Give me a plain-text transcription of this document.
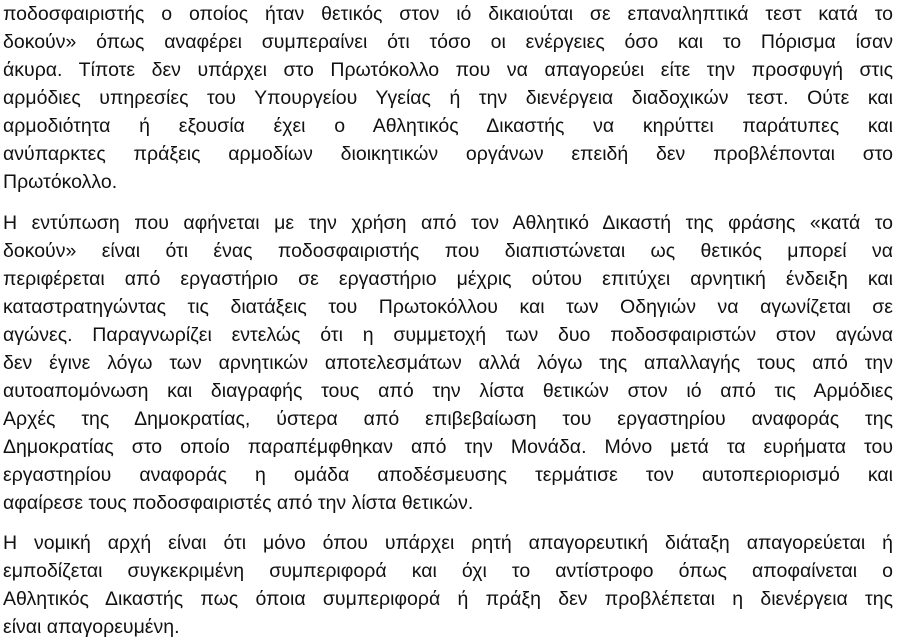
ποδοσφαιριστής ο οποίος ήταν θετικός στον ιό δικαιούται σε επαναληπτικά τεστ κατά το
δοκούν» όπως αναφέρει συμπεραίνει ότι τόσο οι ενέργειες όσο και το Πόρισμα ίσαν
άκυρα. Τίποτε δεν υπάρχει στο Πρωτόκολλο που να απαγορεύει είτε την προσφυγή στις
αρμόδιες υπηρεσίες του Υπουργείου Υγείας ή την διενέργεια διαδοχικών τεστ. Ούτε και
αρμοδιότητα ή εξουσία έχει ο Αθλητικός Δικαστής να κηρύττει παράτυπες και
ανύπαρκτες πράξεις αρμοδίων διοικητικών οργάνων επειδή δεν προβλέπονται στο
Πρωτόκολλο.
Η εντύπωση που αφήνεται με την χρήση από τον Αθλητικό Δικαστή της φράσης «κατά το
δοκούν» είναι ότι ένας ποδοσφαιριστής που διαπιστώνεται ως θετικός μπορεί να
περιφέρεται από εργαστήριο σε εργαστήριο μέχρις ούτου επιτύχει αρνητική ένδειξη και
καταστρατηγώντας τις διατάξεις του Πρωτοκόλλου και των Οδηγιών να αγωνίζεται σε
αγώνες. Παραγνωρίζει εντελώς ότι η συμμετοχή των δυο ποδοσφαιριστών στον αγώνα
δεν έγινε λόγω των αρνητικών αποτελεσμάτων αλλά λόγω της απαλλαγής τους από την
αυτοαπομόνωση και διαγραφής τους από την λίστα θετικών στον ιό από τις Αρμόδιες
Αρχές της Δημοκρατίας, ύστερα από επιβεβαίωση του εργαστηρίου αναφοράς της
Δημοκρατίας στο οποίο παραπέμφθηκαν από την Μονάδα. Μόνο μετά τα ευρήματα του
εργαστηρίου αναφοράς η ομάδα αποδέσμευσης τερμάτισε τον αυτοπεριορισμό και
αφαίρεσε τους ποδοσφαιριστές από την λίστα θετικών.
Η νομική αρχή είναι ότι μόνο όπου υπάρχει ρητή απαγορευτική διάταξη απαγορεύεται ή
εμποδίζεται συγκεκριμένη συμπεριφορά και όχι το αντίστροφο όπως αποφαίνεται ο
Αθλητικός Δικαστής πως όποια συμπεριφορά ή πράξη δεν προβλέπεται η διενέργεια της
είναι απαγορευμένη.
